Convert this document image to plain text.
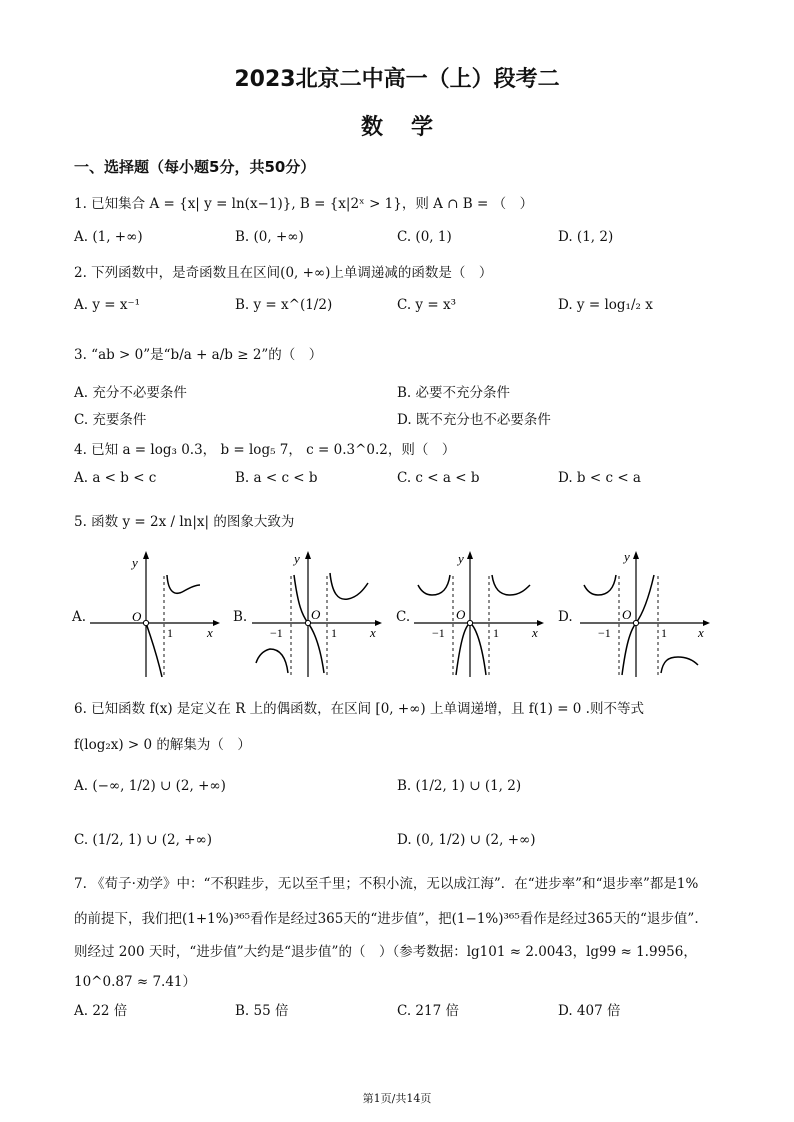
2023北京二中高一（上）段考二
数学
一、选择题（每小题5分，共50分）
1. 已知集合 A = {x| y = ln(x−1)}, B = {x|2ˣ > 1}，则 A ∩ B = （　）
A. (1, +∞)	B. (0, +∞)	C. (0, 1)	D. (1, 2)
2. 下列函数中，是奇函数且在区间(0, +∞)上单调递减的函数是（　）
A. y = x⁻¹	B. y = x^(1/2)	C. y = x³	D. y = log₁/₂ x
3. “ab > 0”是“b/a + a/b ≥ 2”的（　）
A. 充分不必要条件	B. 必要不充分条件
C. 充要条件	D. 既不充分也不必要条件
4. 已知 a = log₃ 0.3， b = log₅ 7， c = 0.3^0.2，则（　）
A. a < b < c	B. a < c < b	C. c < a < b	D. b < c < a
5. 函数 y = 2x / ln|x| 的图象大致为
A.
y
O
1	x
B.
y
O
−1	1	x
C.
y
O
−1	1	x
D.
y
O
−1	1 x
6. 已知函数 f(x) 是定义在 R 上的偶函数，在区间 [0, +∞) 上单调递增，且 f(1) = 0 .则不等式
f(log₂x) > 0 的解集为（　）
A. (−∞, 1/2) ∪ (2, +∞)	B. (1/2, 1) ∪ (1, 2)
C. (1/2, 1) ∪ (2, +∞)	D. (0, 1/2) ∪ (2, +∞)
7. 《荀子·劝学》中：“不积跬步，无以至千里；不积小流，无以成江海”．在“进步率”和“退步率”都是1%
的前提下，我们把(1+1%)³⁶⁵看作是经过365天的“进步值”，把(1−1%)³⁶⁵看作是经过365天的“退步值”.
则经过 200 天时，“进步值”大约是“退步值”的（　）（参考数据：lg101 ≈ 2.0043，lg99 ≈ 1.9956，
10^0.87 ≈ 7.41）
A. 22 倍	B. 55 倍	C. 217 倍	D. 407 倍
第1页/共14页
